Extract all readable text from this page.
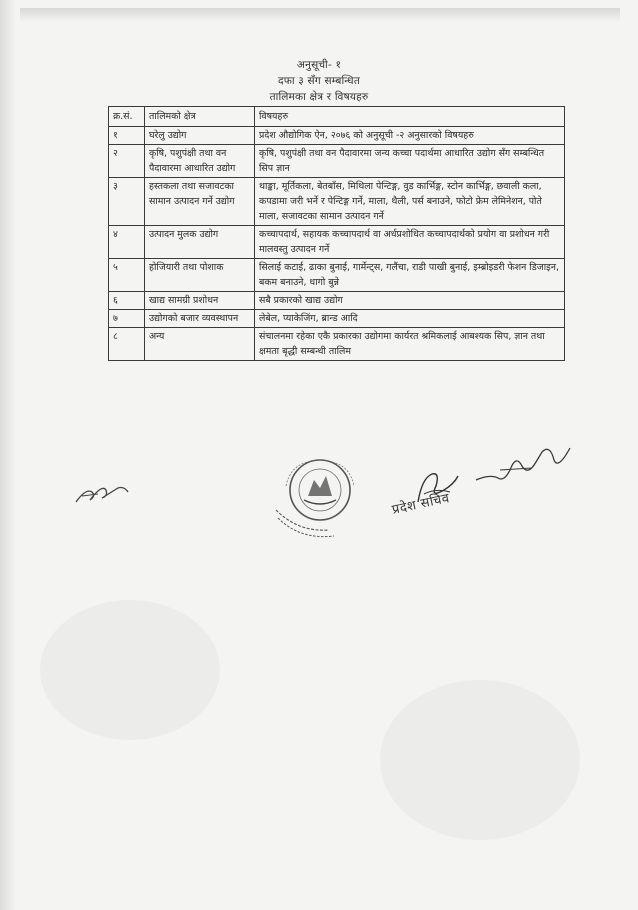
अनुसूची- १
दफा ३ सँग सम्बन्धित
तालिमका क्षेत्र र विषयहरु
क्र.सं.	तालिमको क्षेत्र	विषयहरु
१	घरेलु उद्योग	प्रदेश औद्योगिक ऐन, २०७६ को अनुसूची -२ अनुसारको विषयहरु
२	कृषि, पशुपंक्षी तथा वन पैदावारमा आधारित उद्योग	कृषि, पशुपंक्षी तथा वन पैदावारमा जन्य कच्चा पदार्थमा आधारित उद्योग सँग सम्बन्धित सिप ज्ञान
३	हस्तकला तथा सजावटका सामान उत्पादन गर्ने उद्योग	थाङ्का, मूर्तिकला, बेतबाँस, मिथिला पेन्टिङ्ग, वुड कार्भिङ्ग, स्टोन कार्भिङ्ग, छवाली कला, कपडामा जरी भर्ने र पेन्टिङ्ग गर्ने, माला, थैली, पर्स बनाउने, फोटो फ्रेम लेमिनेशन, पोते माला, सजावटका सामान उत्पादन गर्ने
४	उत्पादन मुलक उद्योग	कच्चापदार्थ, सहायक कच्चापदार्थ वा अर्धप्रशोधित कच्चापदार्थको प्रयोग वा प्रशोधन गरी मालवस्तु उत्पादन गर्ने
५	होजियारी तथा पोशाक	सिलाई कटाई, ढाका बुनाई, गार्मेन्ट्स, गलैंचा, राडी पाखी बुनाई, इम्ब्रोइडरी फेशन डिजाइन, बकम बनाउने, धागो बुन्ने
६	खाद्य सामग्री प्रशोधन	सबै प्रकारको खाद्य उद्योग
७	उद्योगको बजार व्यवस्थापन	लेबेल, प्याकेजिंग, ब्रान्ड आदि
८	अन्य	संचालनमा रहेका एकै प्रकारका उद्योगमा कार्यरत श्रमिकलाई आबश्यक सिप, ज्ञान तथा क्षमता बृद्धी सम्बन्धी तालिम
प्रदेश सचिव
